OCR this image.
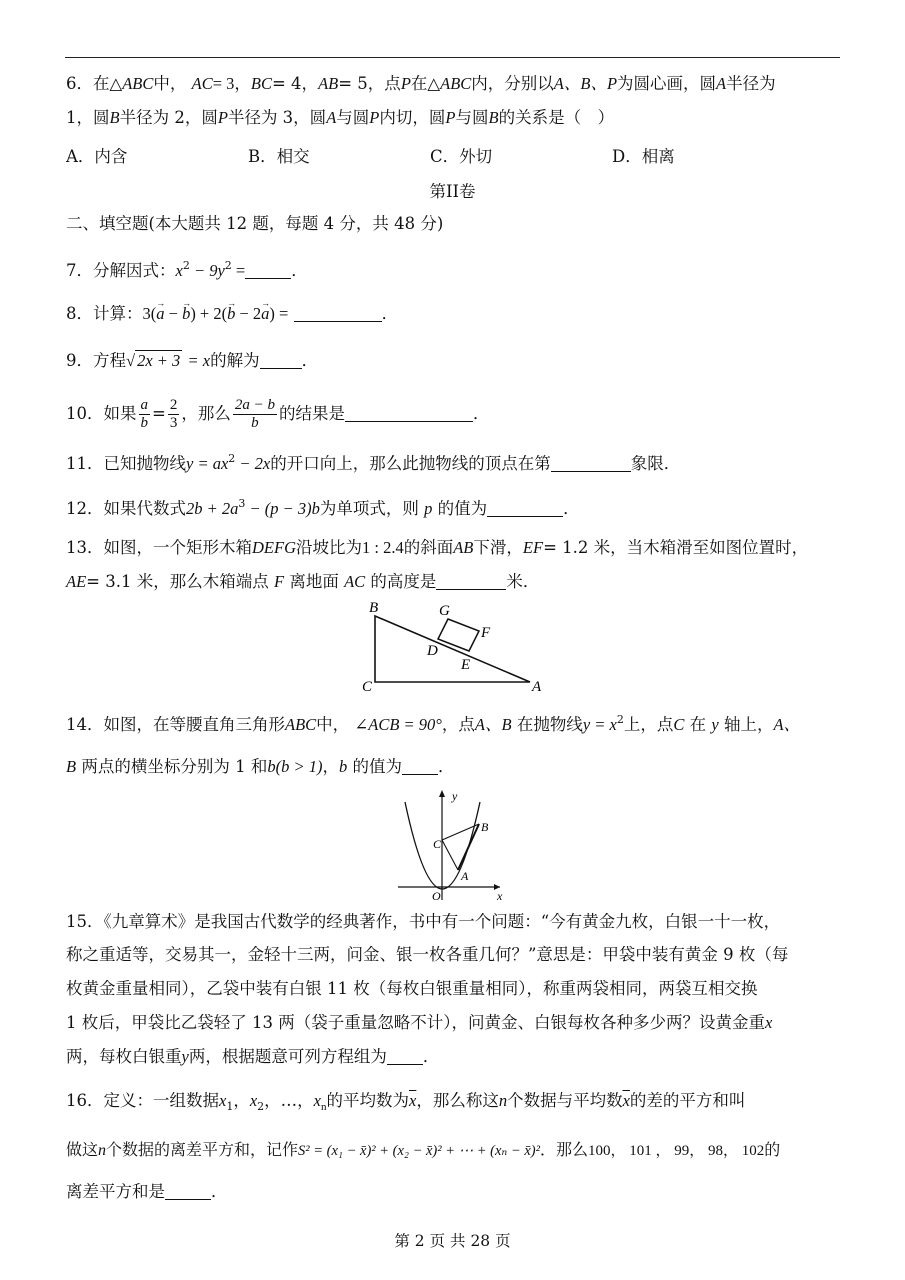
6．在△ABC中， AC= 3，BC= 4，AB= 5，点P在△ABC内，分别以A、B、P为圆心画，圆A半径为
1，圆B半径为 2，圆P半径为 3，圆A与圆P内切，圆P与圆B的关系是（　）
A．内含	B．相交	C．外切	D．相离
第II卷
二、填空题(本大题共 12 题，每题 4 分，共 48 分)
7．分解因式：$x^2 - 9y^2$ =	．
8．计算：3(→ a − → b) + 2(→ b − 2→ a) =	．
9．方程√ 2x + 3 = x的解为	．
10．如果 $\frac{a}{b} = \frac{2}{3}$ ，那么 $\frac{2a - b}{b}$ 的结果是	．
11．已知抛物线$y = ax^2 - 2x$的开口向上，那么此抛物线的顶点在第	象限．
12．如果代数式$2b + 2a^3 - (p - 3)b$为单项式，则 p 的值为	．
13．如图，一个矩形木箱DEFG沿坡比为1 : 2.4的斜面AB下滑，EF= 1.2 米，当木箱滑至如图位置时，
AE= 3.1 米，那么木箱端点 F 离地面 AC 的高度是	米．
B	G
F
D
E
C	A
14．如图，在等腰直角三角形ABC中， ∠ACB = 90°，点A、B 在抛物线$y = x^2$上，点C 在 y 轴上，A、
B 两点的横坐标分别为 1 和b(b > 1)，b 的值为 ．
y
x
O
A
B
C
15．《九章算术》是我国古代数学的经典著作，书中有一个问题：“今有黄金九枚，白银一十一枚，
称之重适等，交易其一，金轻十三两，问金、银一枚各重几何？”意思是：甲袋中装有黄金 9 枚（每
枚黄金重量相同），乙袋中装有白银 11 枚（每枚白银重量相同），称重两袋相同，两袋互相交换
1 枚后，甲袋比乙袋轻了 13 两（袋子重量忽略不计），问黄金、白银每枚各种多少两？设黄金重x
两，每枚白银重y两，根据题意可列方程组为 ．
16．定义：一组数据$x_1$，$x_2$，…，$x_n$的平均数为$\overline{x}$，那么称这n个数据与平均数$\overline{x}$的差的平方和叫
做这n个数据的离差平方和，记作S² = (x₁ − x̄)² + (x₂ − x̄)² + ⋯ + (xₙ − x̄)²．那么100， 101 ， 99， 98， 102的
离差平方和是	．
第 2 页 共 28 页
